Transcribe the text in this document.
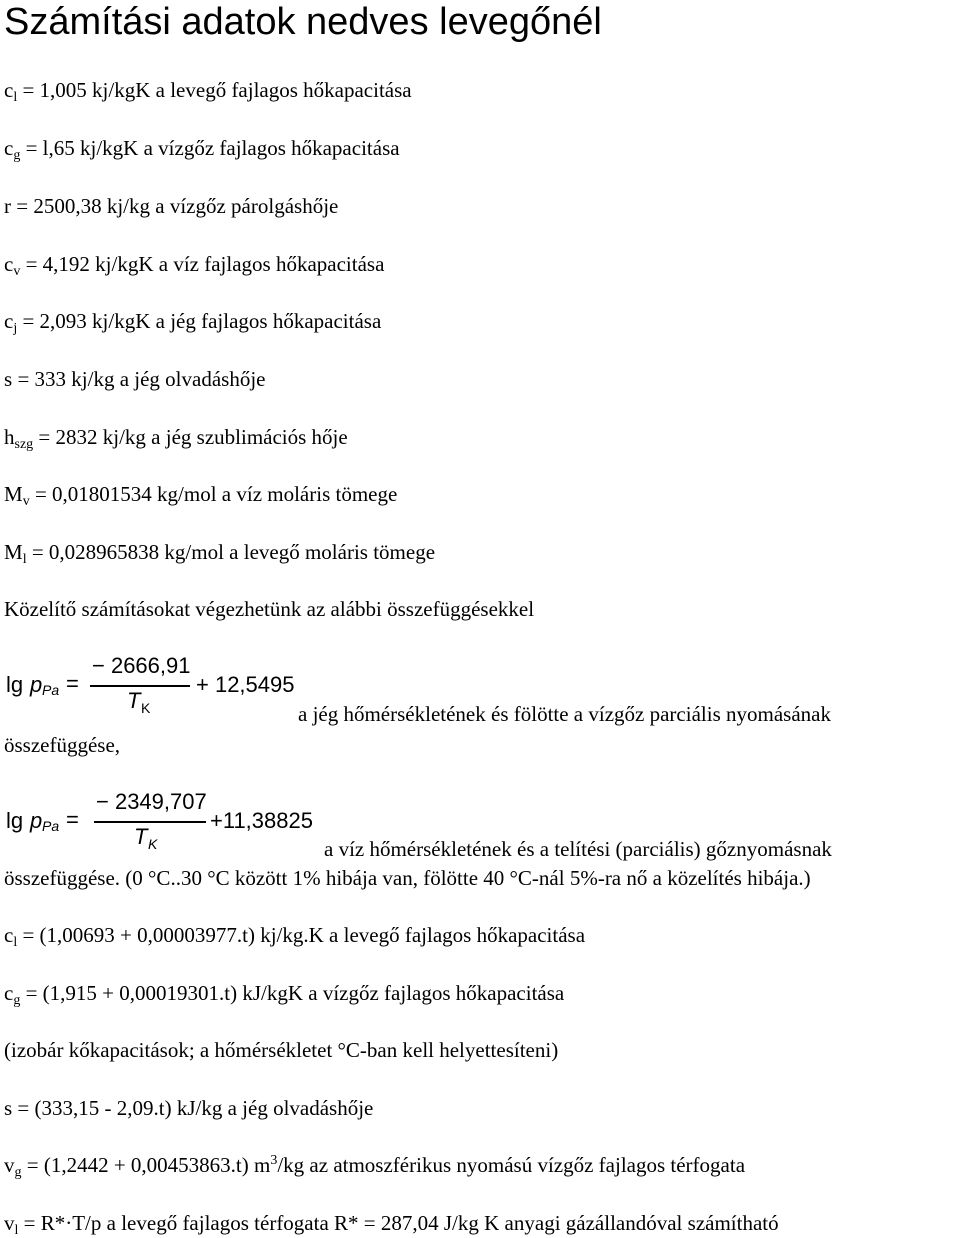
Számítási adatok nedves levegőnél
$c_l = 1,005$ kj/kgK a levegő fajlagos hőkapacitása
$c_g = l,65$ kj/kgK a vízgőz fajlagos hőkapacitása
r = 2500,38 kj/kg a vízgőz párolgáshője
$c_v = 4,192$ kj/kgK a víz fajlagos hőkapacitása
$c_j = 2,093$ kj/kgK a jég fajlagos hőkapacitása
s = 333 kj/kg a jég olvadáshője
$h_{szg} = 2832$ kj/kg a jég szublimációs hője
$M_v = 0,01801534$ kg/mol a víz moláris tömege
$M_l = 0,028965838$ kg/mol a levegő moláris tömege
Közelítő számításokat végezhetünk az alábbi összefüggésekkel
lg p Pa =
− 2666,91
T K
+ 12,5495
a jég hőmérsékletének és fölötte a vízgőz parciális nyomásának
összefüggése,
lg p Pa =
− 2349,707
T K
+11,38825
a víz hőmérsékletének és a telítési (parciális) gőznyomásnak
összefüggése. (0 °C..30 °C között 1% hibája van, fölötte 40 °C-nál 5%-ra nő a közelítés hibája.)
$c_l = (1,00693 + 0,00003977.t)$ kj/kg.K a levegő fajlagos hőkapacitása
$c_g = (1,915 + 0,00019301.t)$ kJ/kgK a vízgőz fajlagos hőkapacitása
(izobár kőkapacitások; a hőmérsékletet °C-ban kell helyettesíteni)
s = (333,15 - 2,09.t) kJ/kg a jég olvadáshője
$v_g = (1,2442 + 0,00453863.t)$ $m^3/kg$ az atmoszférikus nyomású vízgőz fajlagos térfogata
$v_l = R*\cdot T/p$ a levegő fajlagos térfogata R* = 287,04 J/kg K anyagi gázállandóval számítható
